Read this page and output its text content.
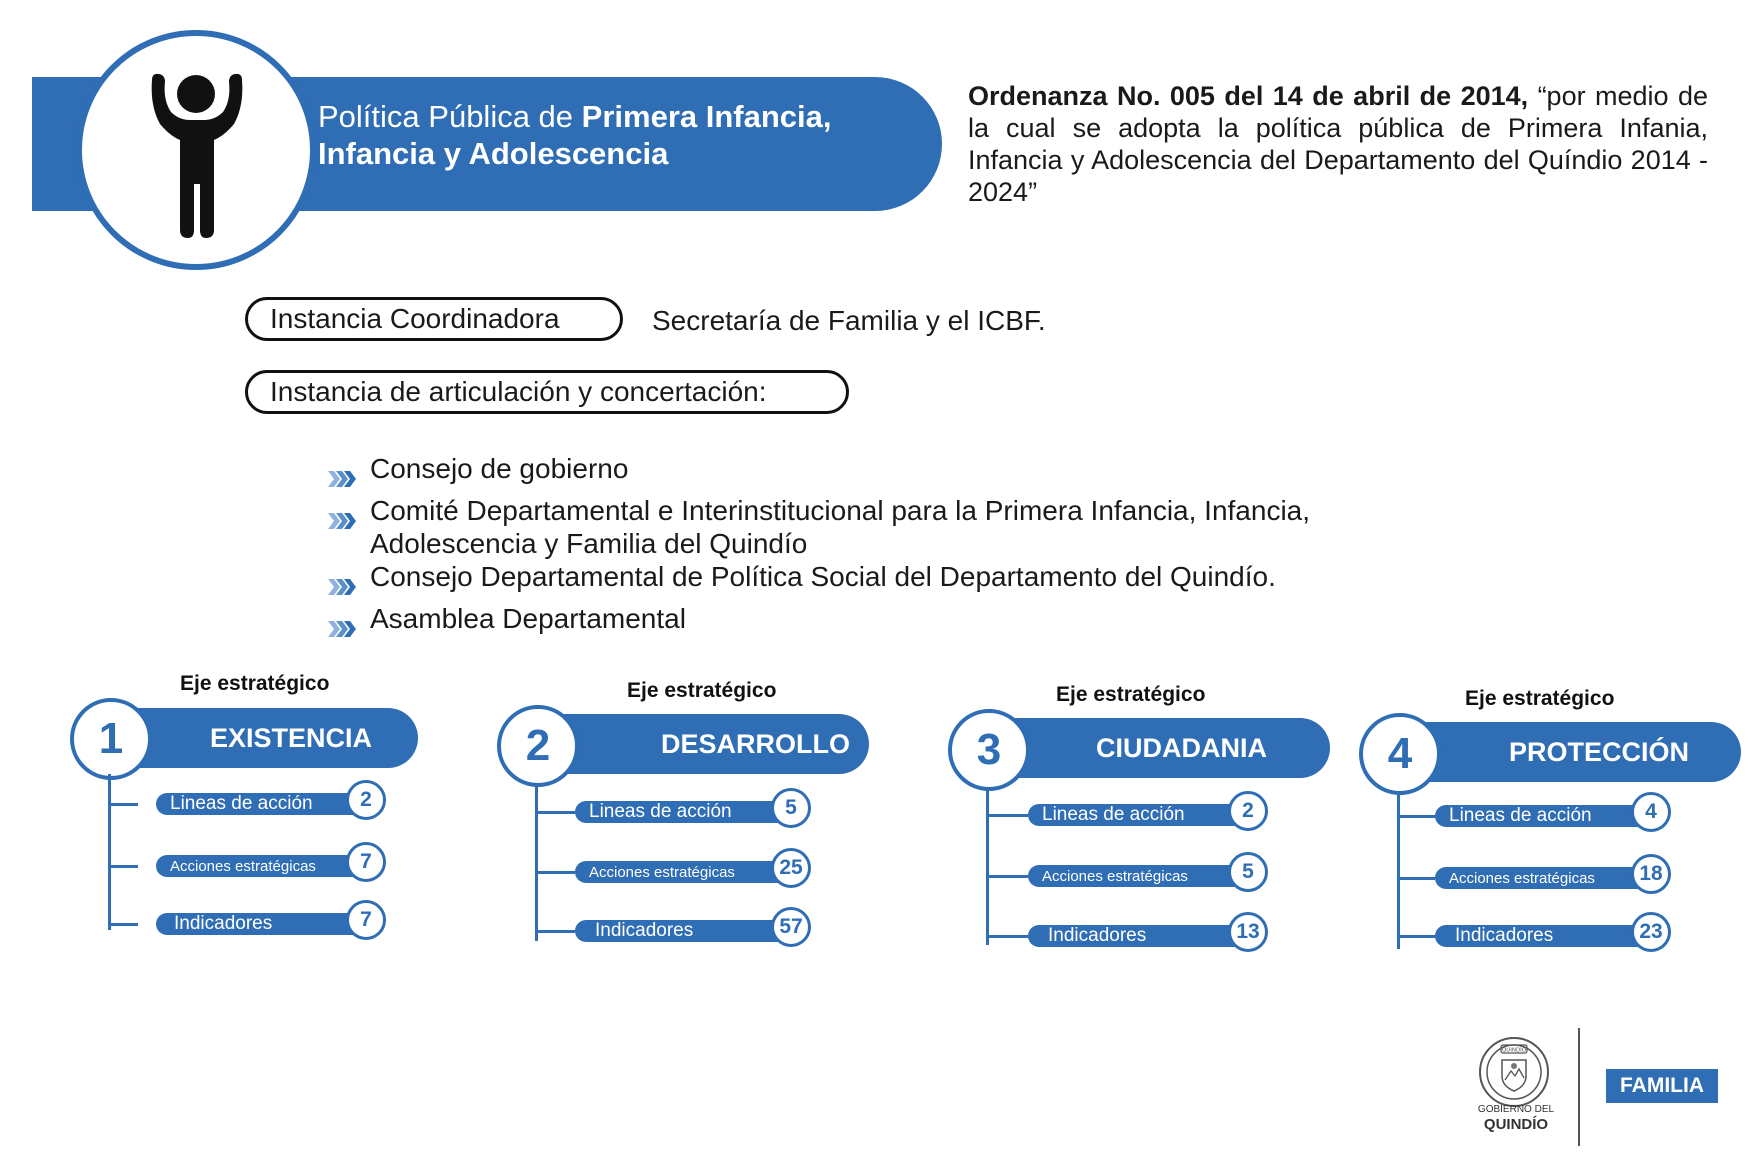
Política Pública de Primera Infancia,
Infancia y Adolescencia
Ordenanza No. 005 del 14 de abril de 2014, “por medio de la cual se adopta la política pública de Primera Infania, Infancia y Adolescencia del Departamento del Quíndio 2014 - 2024”
Instancia Coordinadora	Secretaría de Familia y el ICBF.
Instancia de articulación y concertación:
Consejo de gobierno
Comité Departamental e Interinstitucional para la Primera Infancia, Infancia, Adolescencia y Familia del Quindío
Consejo Departamental de Política Social del Departamento del Quindío.
Asamblea Departamental
Eje estratégico
EXISTENCIA
1
Lineas de acción	2
Acciones estratégicas	7
Indicadores	7
Eje estratégico
DESARROLLO
2
Lineas de acción	5
Acciones estratégicas	25
Indicadores	57
Eje estratégico
CIUDADANIA
3
Lineas de acción	2
Acciones estratégicas	5
Indicadores	13
Eje estratégico
PROTECCIÓN
4
Lineas de acción	4
Acciones estratégicas	18
Indicadores	23
QUINDÍO
GOBIERNO DEL
QUINDÍO
FAMILIA
